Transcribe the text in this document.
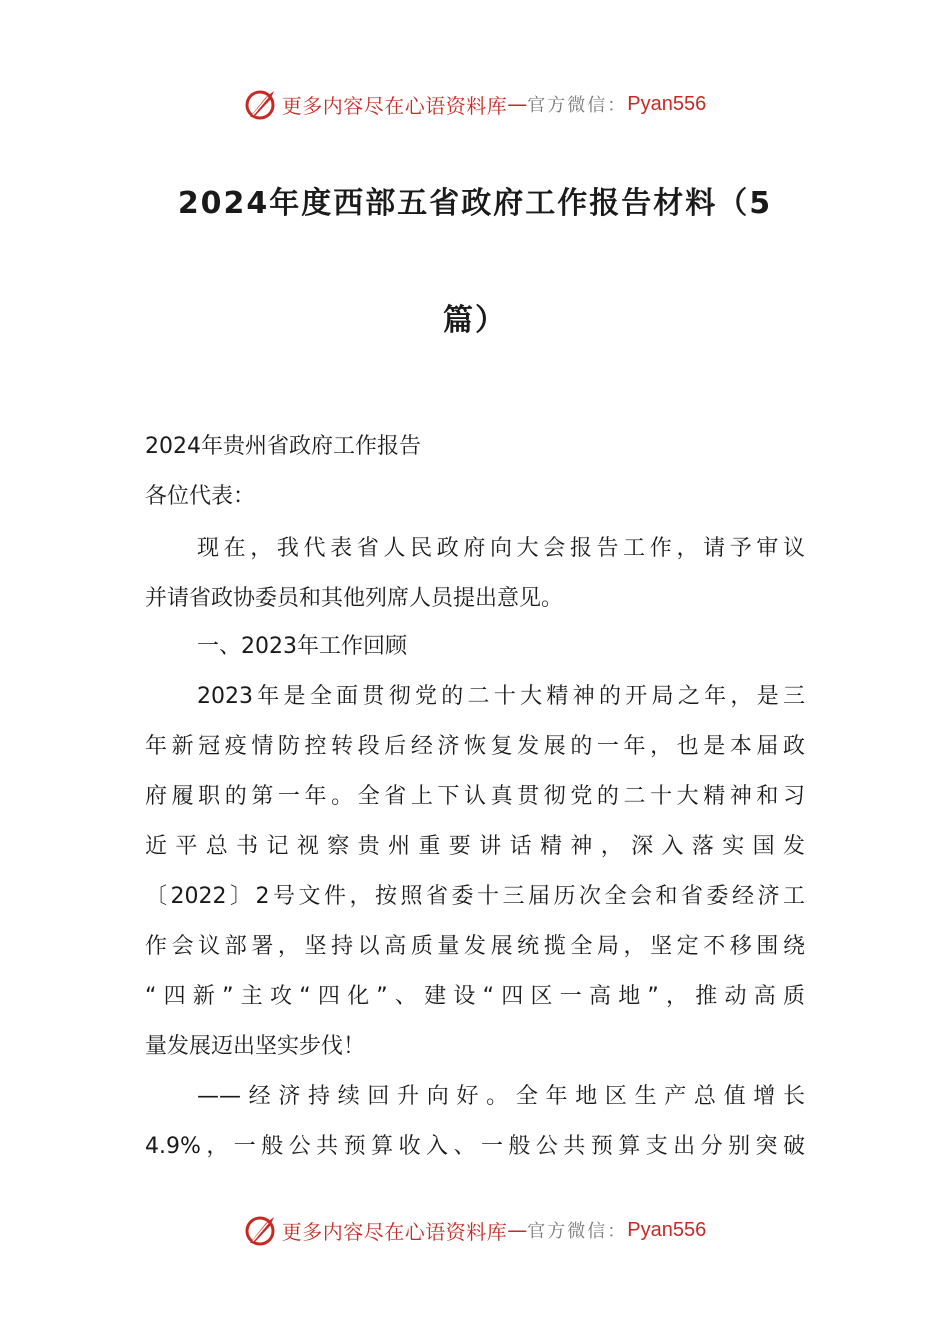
更多内容尽在心语资料库 — 官方微信： Pyan556
2024年度西部五省政府工作报告材料（5
篇）
2024年贵州省政府工作报告
各位代表：
现在，我代表省人民政府向大会报告工作，请予审议
并请省政协委员和其他列席人员提出意见。
一、2023年工作回顾
2023年是全面贯彻党的二十大精神的开局之年，是三
年新冠疫情防控转段后经济恢复发展的一年，也是本届政
府履职的第一年。全省上下认真贯彻党的二十大精神和习
近平总书记视察贵州重要讲话精神，深入落实国发
〔2022〕2号文件，按照省委十三届历次全会和省委经济工
作会议部署，坚持以高质量发展统揽全局，坚定不移围绕
“四新”主攻“四化”、建设“四区一高地”，推动高质
量发展迈出坚实步伐！
——经济持续回升向好。全年地区生产总值增长
4.9%，一般公共预算收入、一般公共预算支出分别突破
更多内容尽在心语资料库 — 官方微信： Pyan556
